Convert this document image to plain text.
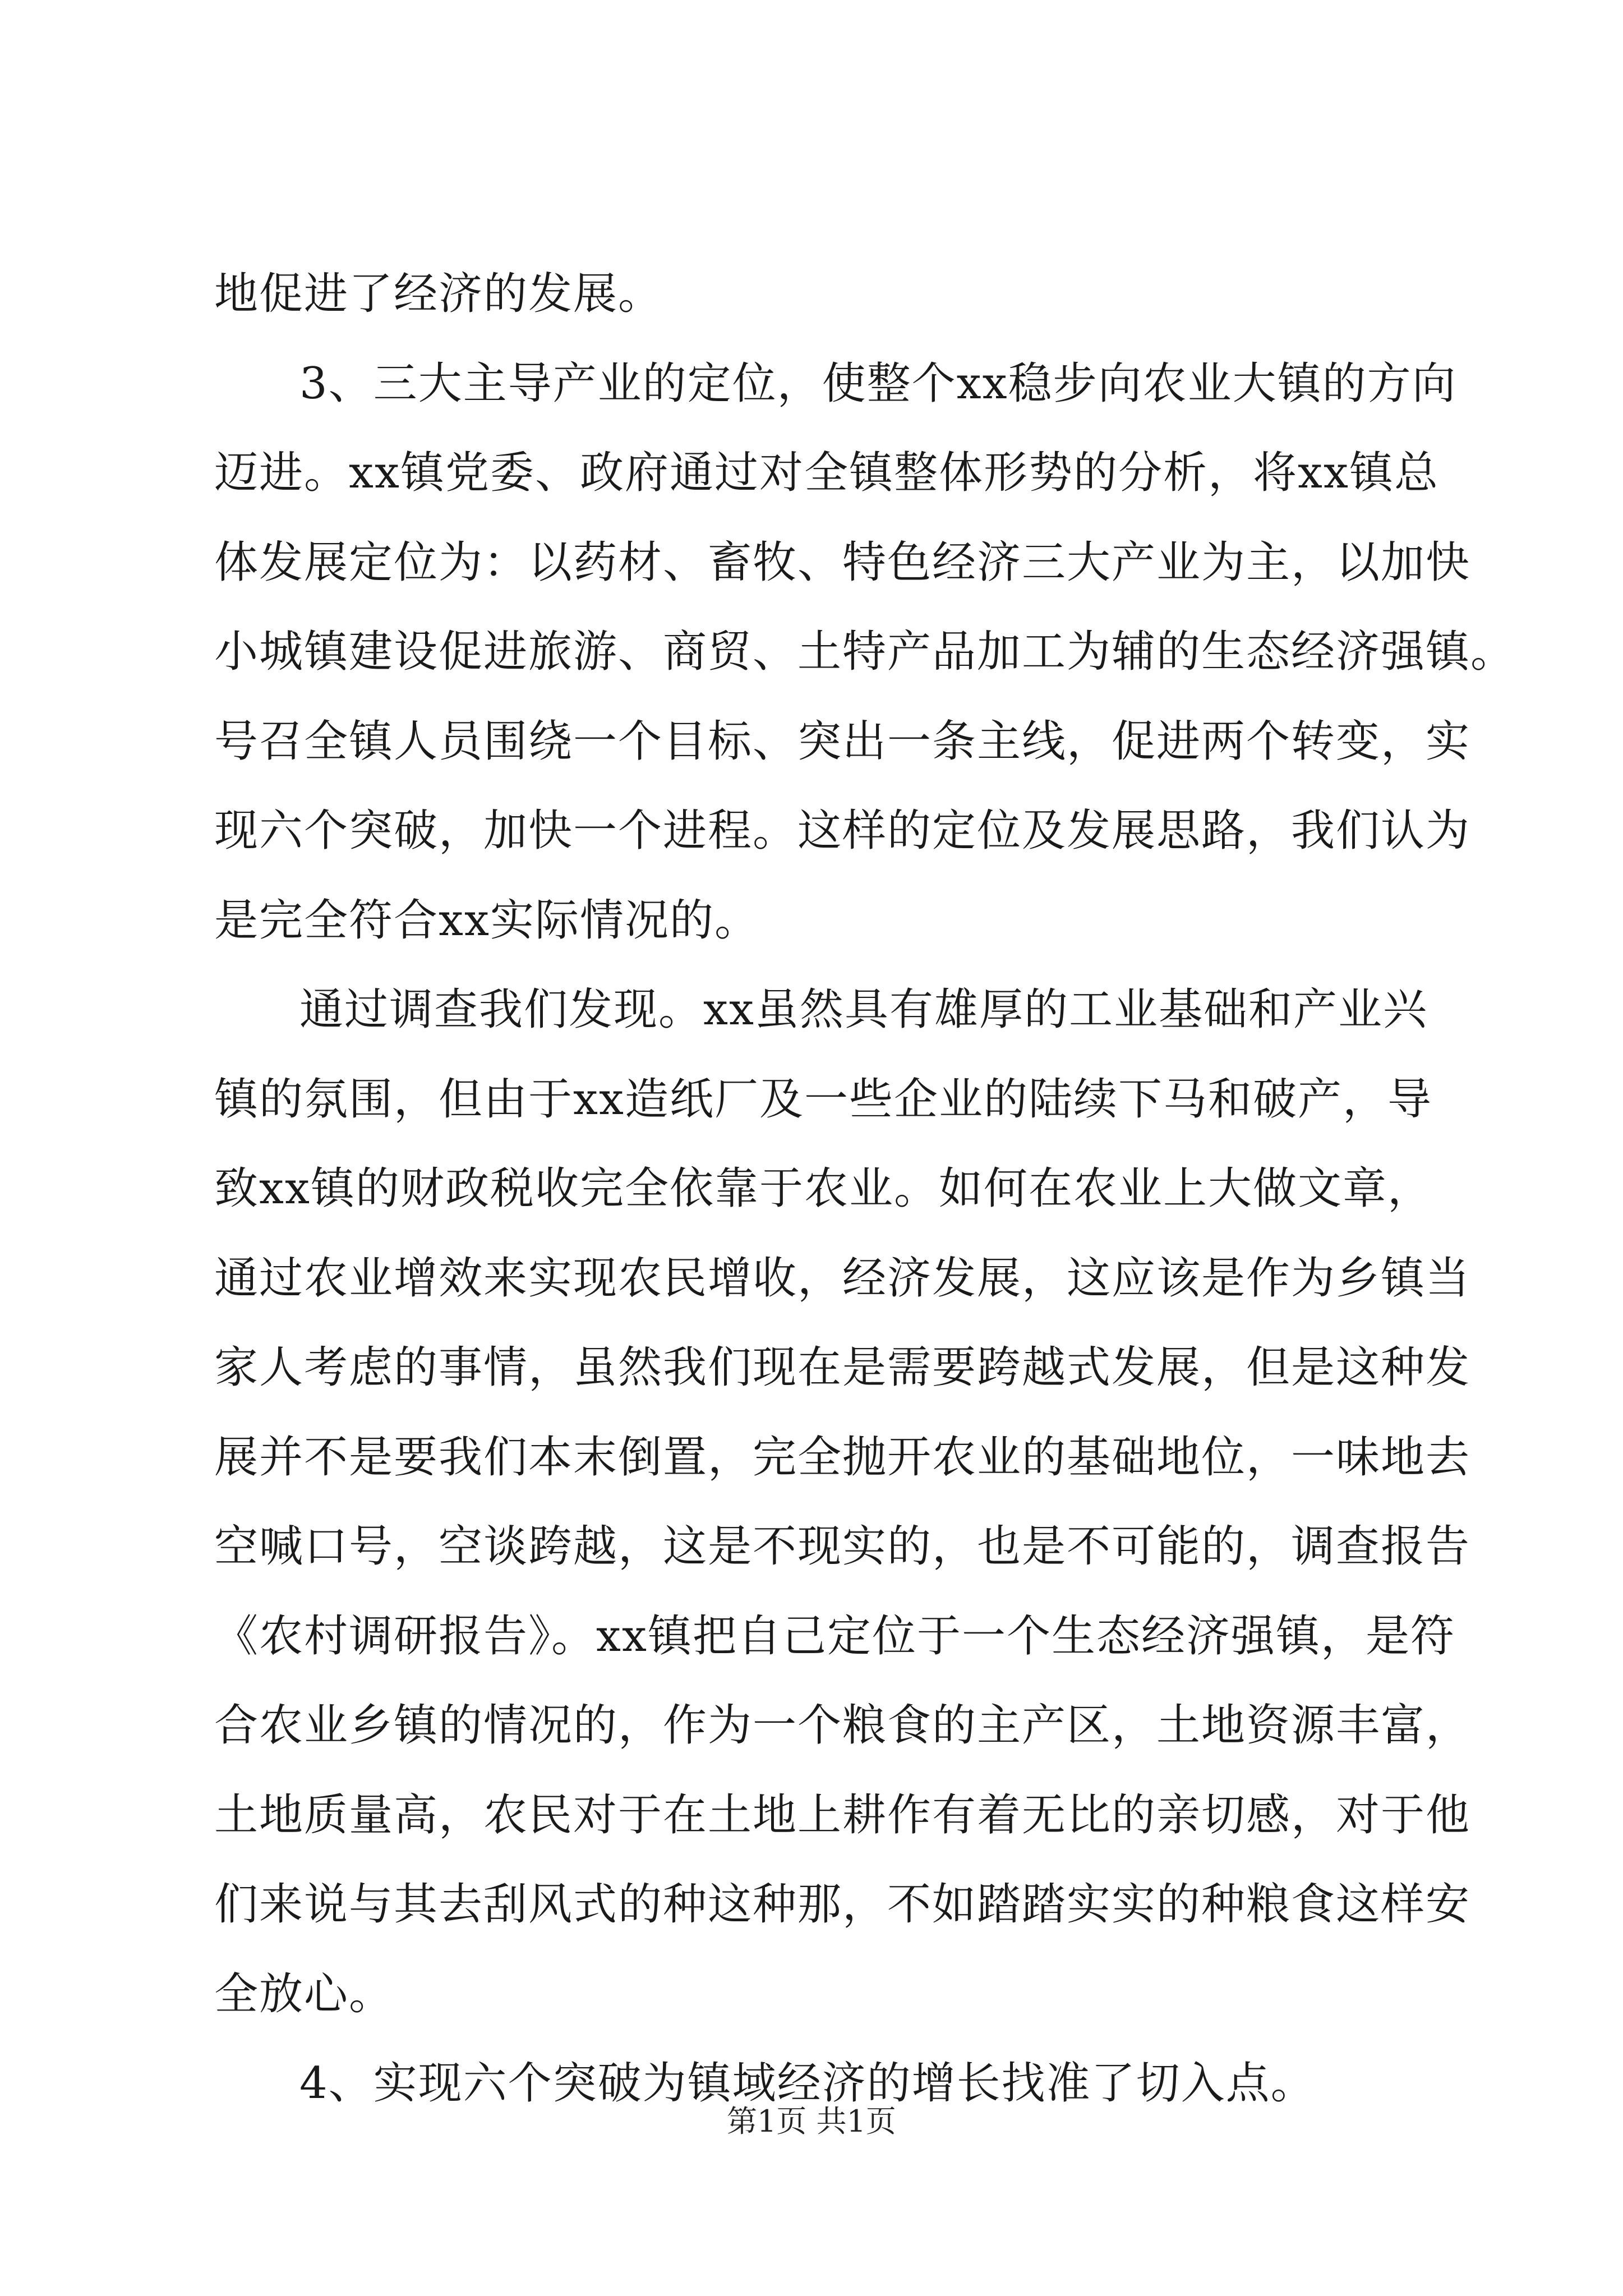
地促进了经济的发展。
3、三大主导产业的定位，使整个xx稳步向农业大镇的方向
迈进。xx镇党委、政府通过对全镇整体形势的分析，将xx镇总
体发展定位为：以药材、畜牧、特色经济三大产业为主，以加快
小城镇建设促进旅游、商贸、土特产品加工为辅的生态经济强镇。
号召全镇人员围绕一个目标、突出一条主线，促进两个转变，实
现六个突破，加快一个进程。这样的定位及发展思路，我们认为
是完全符合xx实际情况的。
通过调查我们发现。xx虽然具有雄厚的工业基础和产业兴
镇的氛围，但由于xx造纸厂及一些企业的陆续下马和破产，导
致xx镇的财政税收完全依靠于农业。如何在农业上大做文章，
通过农业增效来实现农民增收，经济发展，这应该是作为乡镇当
家人考虑的事情，虽然我们现在是需要跨越式发展，但是这种发
展并不是要我们本末倒置，完全抛开农业的基础地位，一味地去
空喊口号，空谈跨越，这是不现实的，也是不可能的，调查报告
《农村调研报告》。xx镇把自己定位于一个生态经济强镇，是符
合农业乡镇的情况的，作为一个粮食的主产区，土地资源丰富，
土地质量高，农民对于在土地上耕作有着无比的亲切感，对于他
们来说与其去刮风式的种这种那，不如踏踏实实的种粮食这样安
全放心。
4、实现六个突破为镇域经济的增长找准了切入点。
第1页 共1页
